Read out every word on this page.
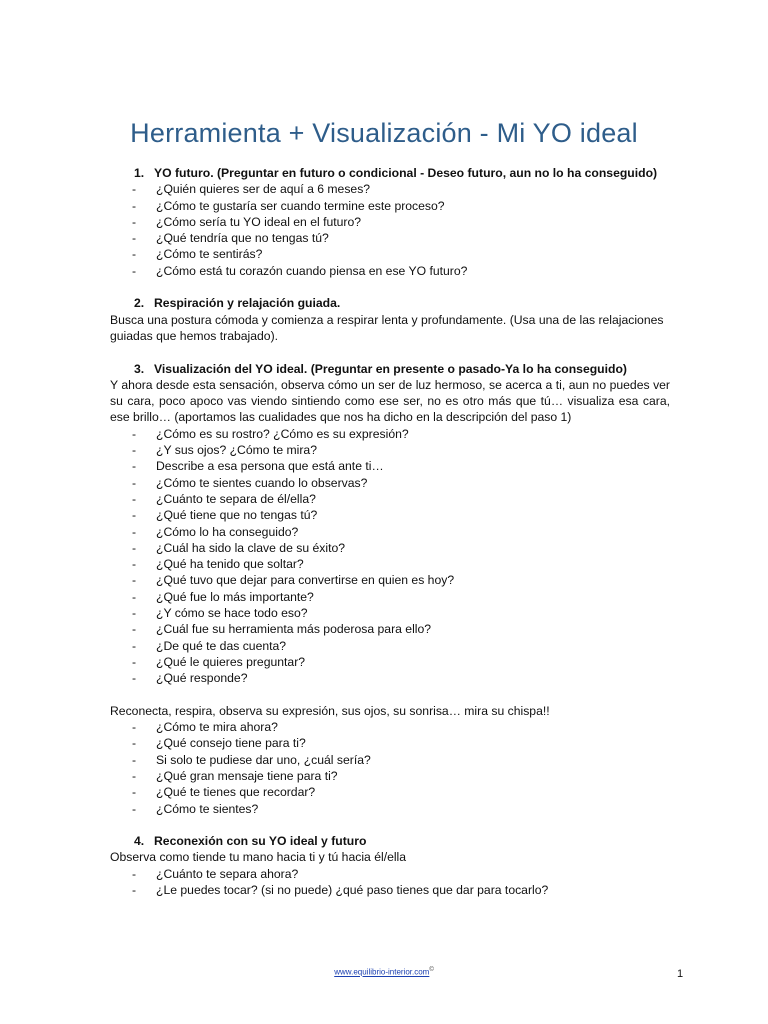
Herramienta + Visualización - Mi YO ideal
1. YO futuro. (Preguntar en futuro o condicional - Deseo futuro, aun no lo ha conseguido)
-	¿Quién quieres ser de aquí a 6 meses?
-	¿Cómo te gustaría ser cuando termine este proceso?
-	¿Cómo sería tu YO ideal en el futuro?
-	¿Qué tendría que no tengas tú?
-	¿Cómo te sentirás?
-	¿Cómo está tu corazón cuando piensa en ese YO futuro?
2. Respiración y relajación guiada.

Busca una postura cómoda y comienza a respirar lenta y profundamente. (Usa una de las relajaciones guiadas que hemos trabajado).

3. Visualización del YO ideal. (Preguntar en presente o pasado-Ya lo ha conseguido)

Y ahora desde esta sensación, observa cómo un ser de luz hermoso, se acerca a ti, aun no puedes ver su cara, poco apoco vas viendo sintiendo como ese ser, no es otro más que tú… visualiza esa cara, ese brillo… (aportamos las cualidades que nos ha dicho en la descripción del paso 1)

-	¿Cómo es su rostro? ¿Cómo es su expresión?
-	¿Y sus ojos? ¿Cómo te mira?
-	Describe a esa persona que está ante ti…
-	¿Cómo te sientes cuando lo observas?
-	¿Cuánto te separa de él/ella?
-	¿Qué tiene que no tengas tú?
-	¿Cómo lo ha conseguido?
-	¿Cuál ha sido la clave de su éxito?
-	¿Qué ha tenido que soltar?
-	¿Qué tuvo que dejar para convertirse en quien es hoy?
-	¿Qué fue lo más importante?
-	¿Y cómo se hace todo eso?
-	¿Cuál fue su herramienta más poderosa para ello?
-	¿De qué te das cuenta?
-	¿Qué le quieres preguntar?
-	¿Qué responde?

Reconecta, respira, observa su expresión, sus ojos, su sonrisa… mira su chispa!!

-	¿Cómo te mira ahora?
-	¿Qué consejo tiene para ti?
-	Si solo te pudiese dar uno, ¿cuál sería?
-	¿Qué gran mensaje tiene para ti?
-	¿Qué te tienes que recordar?
-	¿Cómo te sientes?
4. Reconexión con su YO ideal y futuro

Observa como tiende tu mano hacia ti y tú hacia él/ella

-	¿Cuánto te separa ahora?
-	¿Le puedes tocar? (si no puede) ¿qué paso tienes que dar para tocarlo?
www.equilibrio-interior.com©	1
